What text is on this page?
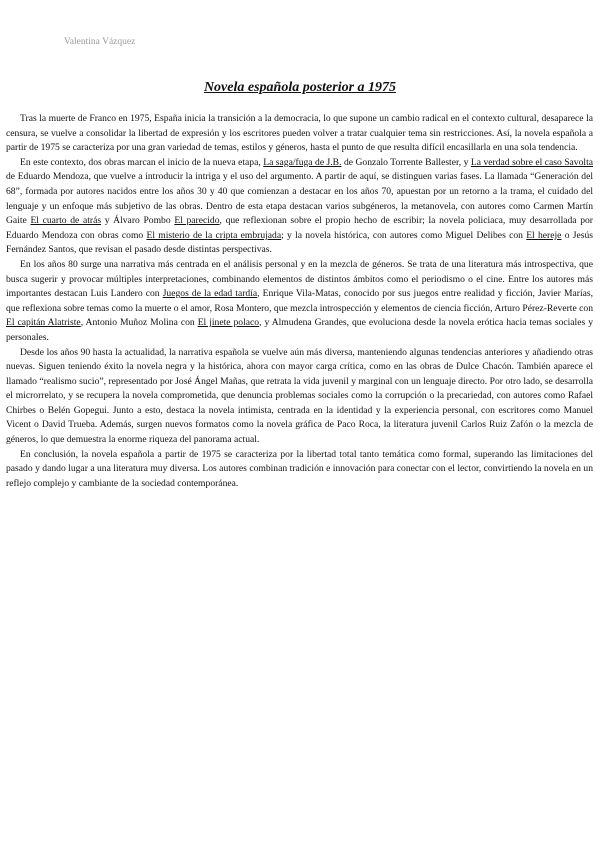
Valentina Vázquez
Novela española posterior a 1975

Tras la muerte de Franco en 1975, España inicia la transición a la democracia, lo que supone un cambio radical en el contexto cultural, desaparece la censura, se vuelve a consolidar la libertad de expresión y los escritores pueden volver a tratar cualquier tema sin restricciones. Así, la novela española a partir de 1975 se caracteriza por una gran variedad de temas, estilos y géneros, hasta el punto de que resulta difícil encasillarla en una sola tendencia.

En este contexto, dos obras marcan el inicio de la nueva etapa, La saga/fuga de J.B. de Gonzalo Torrente Ballester, y La verdad sobre el caso Savolta de Eduardo Mendoza, que vuelve a introducir la intriga y el uso del argumento. A partir de aquí, se distinguen varias fases. La llamada “Generación del 68”, formada por autores nacidos entre los años 30 y 40 que comienzan a destacar en los años 70, apuestan por un retorno a la trama, el cuidado del lenguaje y un enfoque más subjetivo de las obras. Dentro de esta etapa destacan varios subgéneros, la metanovela, con autores como Carmen Martín Gaite El cuarto de atrás y Álvaro Pombo El parecido, que reflexionan sobre el propio hecho de escribir; la novela policiaca, muy desarrollada por Eduardo Mendoza con obras como El misterio de la cripta embrujada; y la novela histórica, con autores como Miguel Delibes con El hereje o Jesús Fernández Santos, que revisan el pasado desde distintas perspectivas.

En los años 80 surge una narrativa más centrada en el análisis personal y en la mezcla de géneros. Se trata de una literatura más introspectiva, que busca sugerir y provocar múltiples interpretaciones, combinando elementos de distintos ámbitos como el periodismo o el cine. Entre los autores más importantes destacan Luis Landero con Juegos de la edad tardía, Enrique Vila-Matas, conocido por sus juegos entre realidad y ficción, Javier Marías, que reflexiona sobre temas como la muerte o el amor, Rosa Montero, que mezcla introspección y elementos de ciencia ficción, Arturo Pérez-Reverte con El capitán Alatriste, Antonio Muñoz Molina con El jinete polaco, y Almudena Grandes, que evoluciona desde la novela erótica hacia temas sociales y personales.

Desde los años 90 hasta la actualidad, la narrativa española se vuelve aún más diversa, manteniendo algunas tendencias anteriores y añadiendo otras nuevas. Siguen teniendo éxito la novela negra y la histórica, ahora con mayor carga crítica, como en las obras de Dulce Chacón. También aparece el llamado “realismo sucio”, representado por José Ángel Mañas, que retrata la vida juvenil y marginal con un lenguaje directo. Por otro lado, se desarrolla el microrrelato, y se recupera la novela comprometida, que denuncia problemas sociales como la corrupción o la precariedad, con autores como Rafael Chirbes o Belén Gopegui. Junto a esto, destaca la novela intimista, centrada en la identidad y la experiencia personal, con escritores como Manuel Vicent o David Trueba. Además, surgen nuevos formatos como la novela gráfica de Paco Roca, la literatura juvenil Carlos Ruiz Zafón o la mezcla de géneros, lo que demuestra la enorme riqueza del panorama actual.

En conclusión, la novela española a partir de 1975 se caracteriza por la libertad total tanto temática como formal, superando las limitaciones del pasado y dando lugar a una literatura muy diversa. Los autores combinan tradición e innovación para conectar con el lector, convirtiendo la novela en un reflejo complejo y cambiante de la sociedad contemporánea.
